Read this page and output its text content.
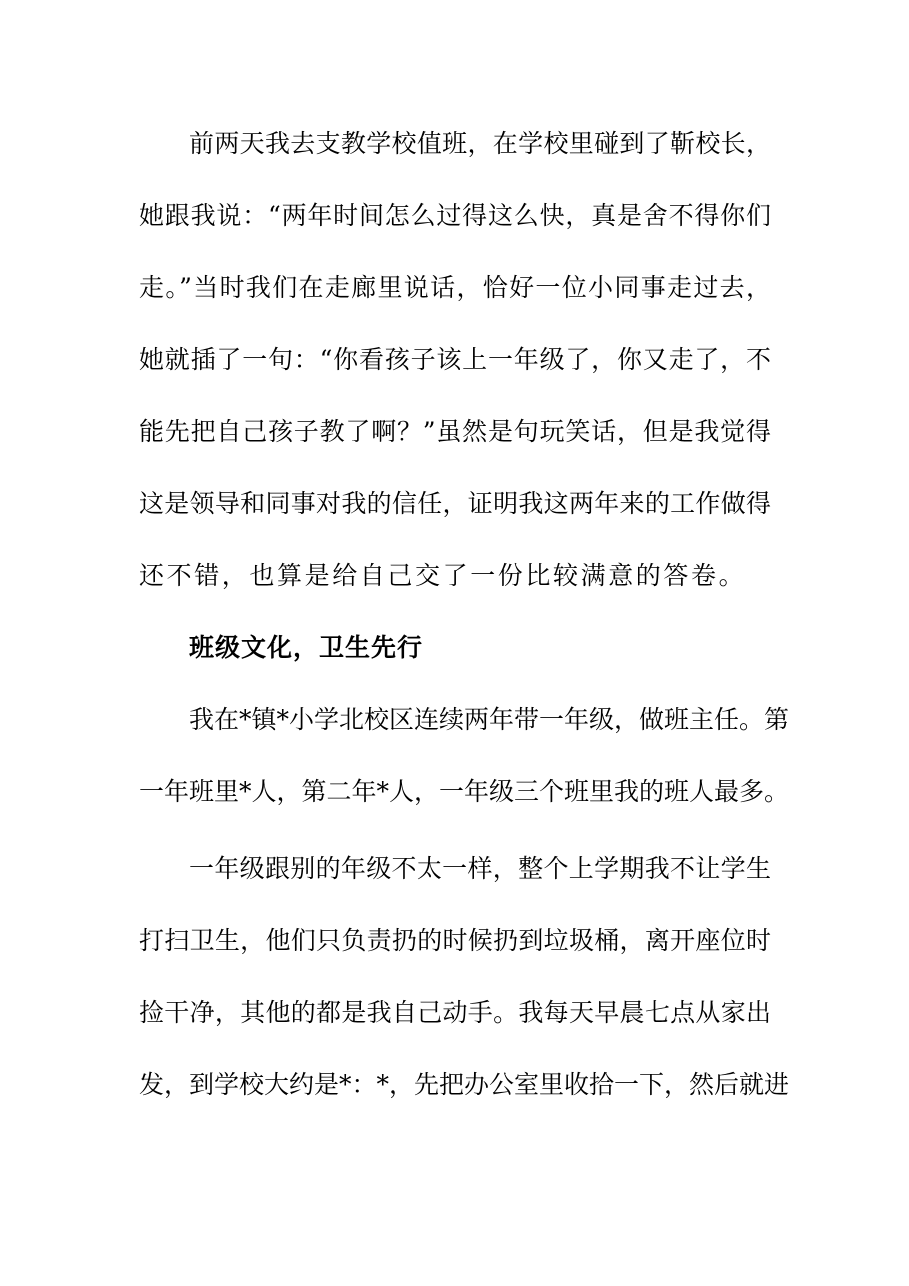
前两天我去支教学校值班，在学校里碰到了靳校长，
她跟我说：“两年时间怎么过得这么快，真是舍不得你们
走。”当时我们在走廊里说话，恰好一位小同事走过去，
她就插了一句：“你看孩子该上一年级了，你又走了，不
能先把自己孩子教了啊？”虽然是句玩笑话，但是我觉得
这是领导和同事对我的信任，证明我这两年来的工作做得
还不错，也算是给自己交了一份比较满意的答卷。
班级文化，卫生先行
我在*镇*小学北校区连续两年带一年级，做班主任。第
一年班里*人，第二年*人，一年级三个班里我的班人最多。
一年级跟别的年级不太一样，整个上学期我不让学生
打扫卫生，他们只负责扔的时候扔到垃圾桶，离开座位时
捡干净，其他的都是我自己动手。我每天早晨七点从家出
发，到学校大约是*：*，先把办公室里收拾一下，然后就进
